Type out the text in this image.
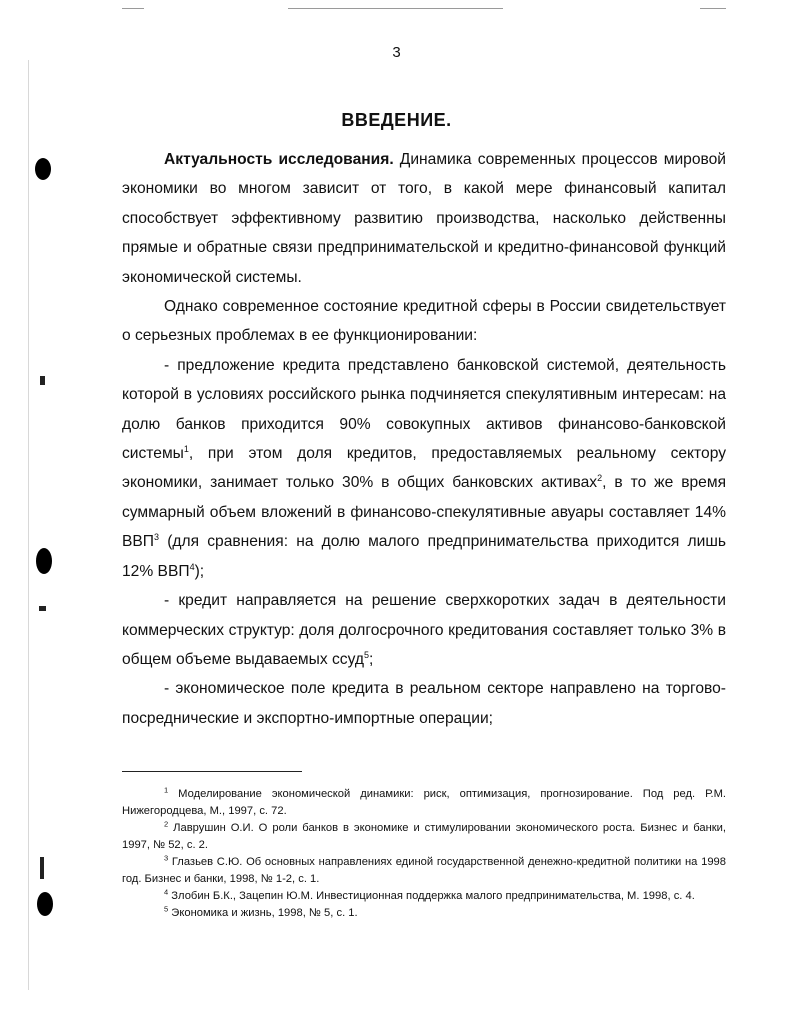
3
ВВЕДЕНИЕ.

Актуальность исследования. Динамика современных процессов мировой экономики во многом зависит от того, в какой мере финансовый капитал способствует эффективному развитию производства, насколько действенны прямые и обратные связи предпринимательской и кредитно-финансовой функций экономической системы.

Однако современное состояние кредитной сферы в России свидетельствует о серьезных проблемах в ее функционировании:

- предложение кредита представлено банковской системой, деятельность которой в условиях российского рынка подчиняется спекулятивным интересам: на долю банков приходится 90% совокупных активов финансово-банковской системы$^1$, при этом доля кредитов, предоставляемых реальному сектору экономики, занимает только 30% в общих банковских активах$^2$, в то же время суммарный объем вложений в финансово-спекулятивные авуары составляет 14% ВВП$^3$ (для сравнения: на долю малого предпринимательства приходится лишь 12% ВВП$^4$);

- кредит направляется на решение сверхкоротких задач в деятельности коммерческих структур: доля долгосрочного кредитования составляет только 3% в общем объеме выдаваемых ссуд$^5$;

- экономическое поле кредита в реальном секторе направлено на торгово-посреднические и экспортно-импортные операции;

$^1$ Моделирование экономической динамики: риск, оптимизация, прогнозирование. Под ред. Р.М. Нижегородцева, М., 1997, с. 72.

$^2$ Лаврушин О.И. О роли банков в экономике и стимулировании экономического роста. Бизнес и банки, 1997, № 52, с. 2.

$^3$ Глазьев С.Ю. Об основных направлениях единой государственной денежно-кредитной политики на 1998 год. Бизнес и банки, 1998, № 1-2, с. 1.

$^4$ Злобин Б.К., Зацепин Ю.М. Инвестиционная поддержка малого предпринимательства, М. 1998, с. 4.

$^5$ Экономика и жизнь, 1998, № 5, с. 1.
